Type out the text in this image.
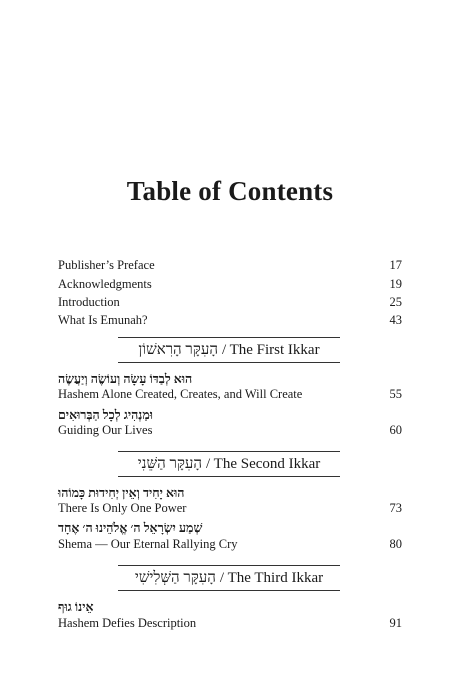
Table of Contents
Publisher’s Preface	17
Acknowledgments	19
Introduction	25
What Is Emunah?	43
הָעִקָּר הָרִאשׁוֹן / The First Ikkar
הוּא לְבַדּוֹ עָשָׂה וְעוֹשֶׂה וְיַעֲשֶׂה
Hashem Alone Created, Creates, and Will Create	55
וּמַנְהִיג לְכָל הַבְּרוּאִים
Guiding Our Lives	60
הָעִקָּר הַשֵּׁנִי / The Second Ikkar
הוּא יָחִיד וְאֵין יְחִידוּת כָּמוֹהוּ
There Is Only One Power	73
שְׁמַע יִשְׂרָאֵל ה׳ אֱלֹהֵינוּ ה׳ אֶחָד
Shema — Our Eternal Rallying Cry	80
הָעִקָּר הַשְּׁלִישִׁי / The Third Ikkar
אֵינוֹ גוּף
Hashem Defies Description	91
